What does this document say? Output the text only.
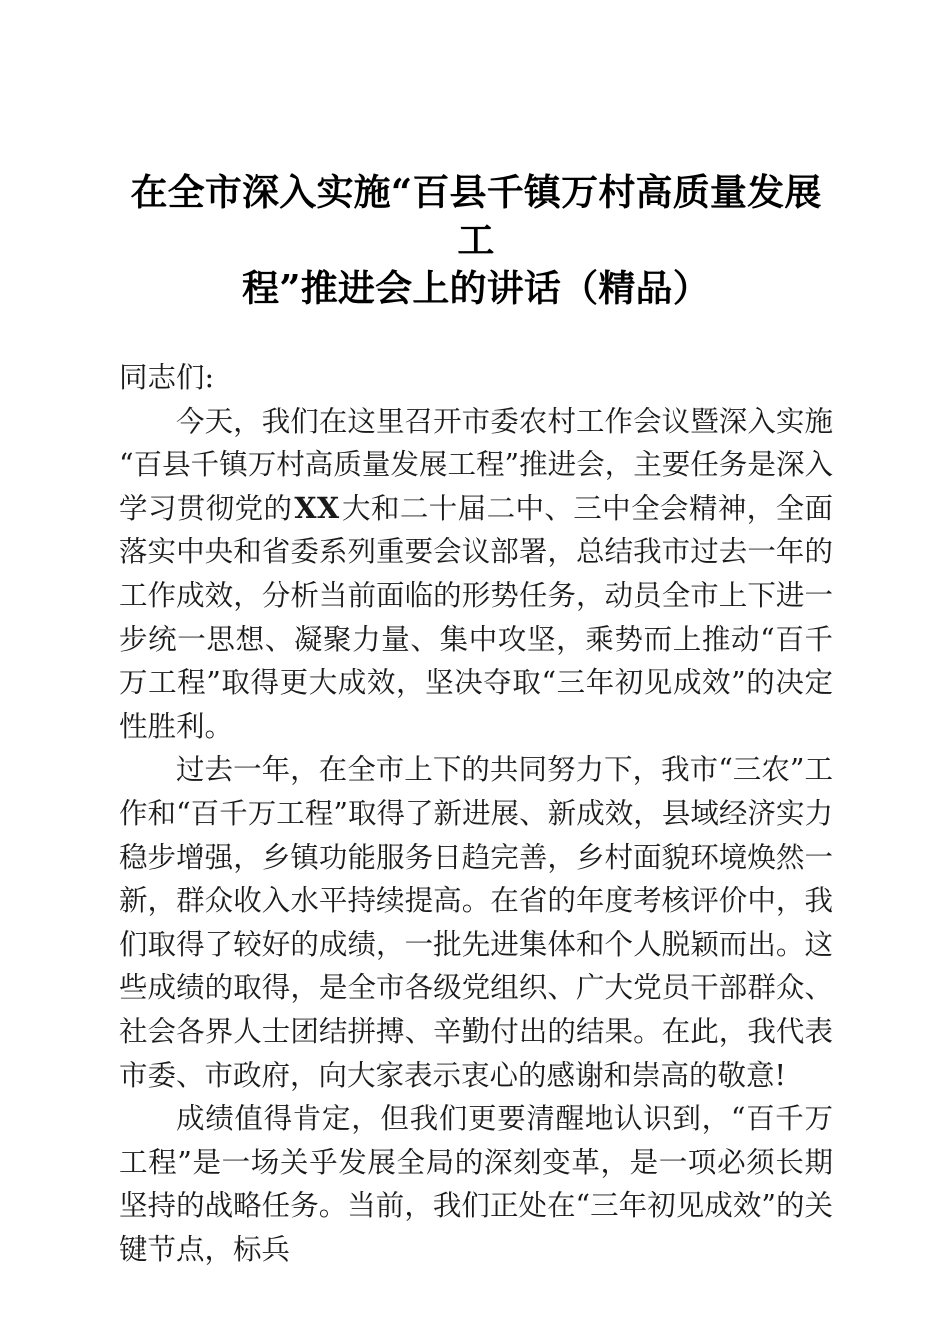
在全市深入实施“百县千镇万村高质量发展工
程”推进会上的讲话（精品）

同志们:

今天，我们在这里召开市委农村工作会议暨深入实施“百县千镇万村高质量发展工程”推进会，主要任务是深入学习贯彻党的XX大和二十届二中、三中全会精神，全面落实中央和省委系列重要会议部署，总结我市过去一年的工作成效，分析当前面临的形势任务，动员全市上下进一步统一思想、凝聚力量、集中攻坚，乘势而上推动“百千万工程”取得更大成效，坚决夺取“三年初见成效”的决定性胜利。

过去一年，在全市上下的共同努力下，我市“三农”工作和“百千万工程”取得了新进展、新成效，县域经济实力稳步增强，乡镇功能服务日趋完善，乡村面貌环境焕然一新，群众收入水平持续提高。在省的年度考核评价中，我们取得了较好的成绩，一批先进集体和个人脱颖而出。这些成绩的取得，是全市各级党组织、广大党员干部群众、社会各界人士团结拼搏、辛勤付出的结果。在此，我代表市委、市政府，向大家表示衷心的感谢和崇高的敬意!

成绩值得肯定，但我们更要清醒地认识到，“百千万工程”是一场关乎发展全局的深刻变革，是一项必须长期坚持的战略任务。当前，我们正处在“三年初见成效”的关键节点，标兵
